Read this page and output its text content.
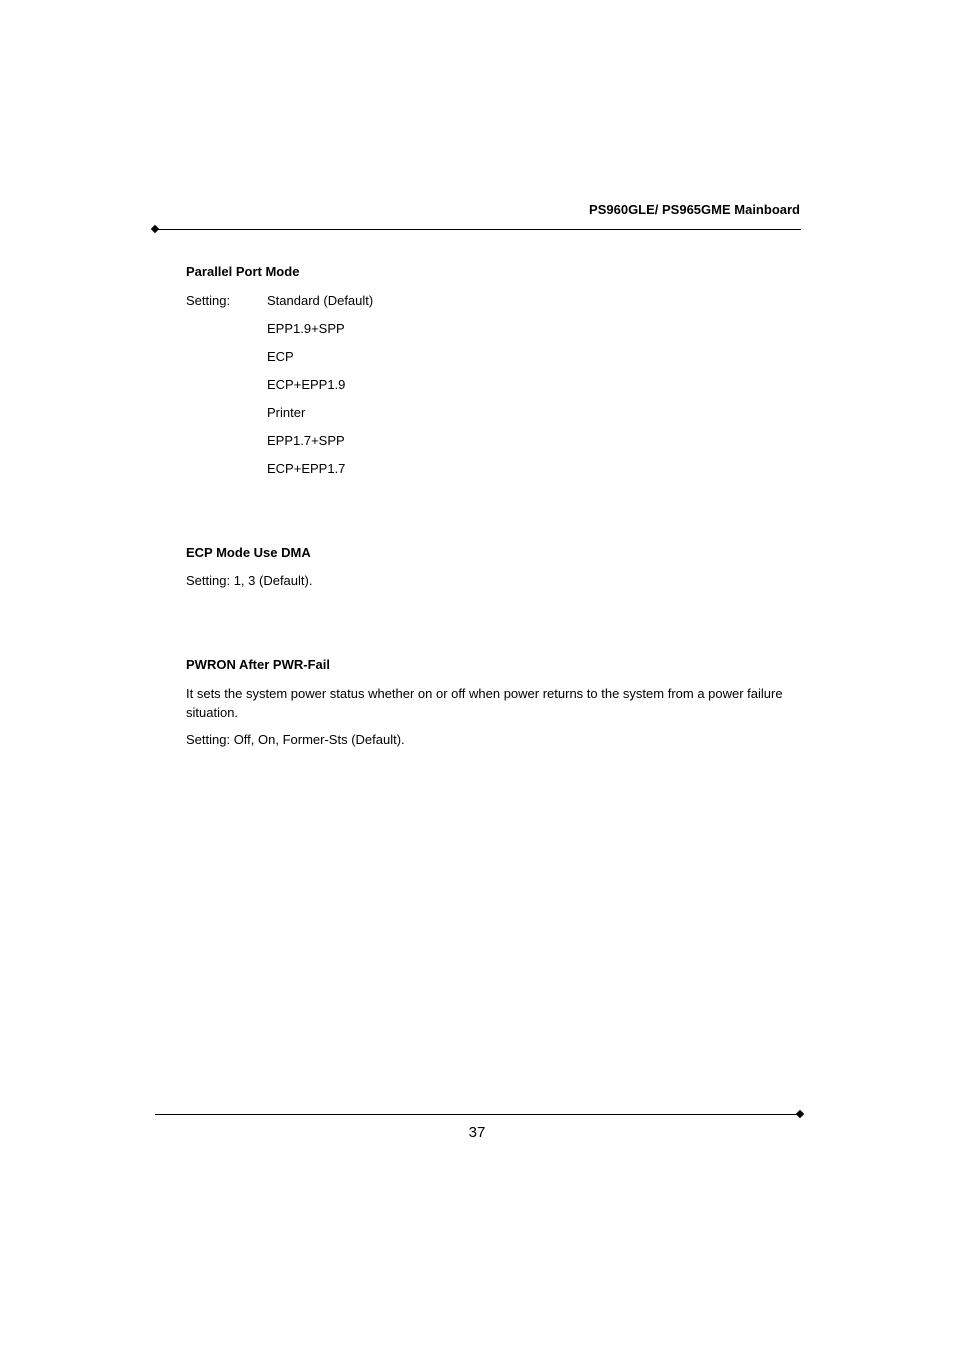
PS960GLE/ PS965GME Mainboard
Parallel Port Mode
Setting:	Standard (Default)
EPP1.9+SPP
ECP
ECP+EPP1.9
Printer
EPP1.7+SPP
ECP+EPP1.7
ECP Mode Use DMA
Setting: 1, 3 (Default).
PWRON After PWR-Fail
It sets the system power status whether on or off when power returns to the system from a power failure situation.
Setting: Off, On, Former-Sts (Default).
37
